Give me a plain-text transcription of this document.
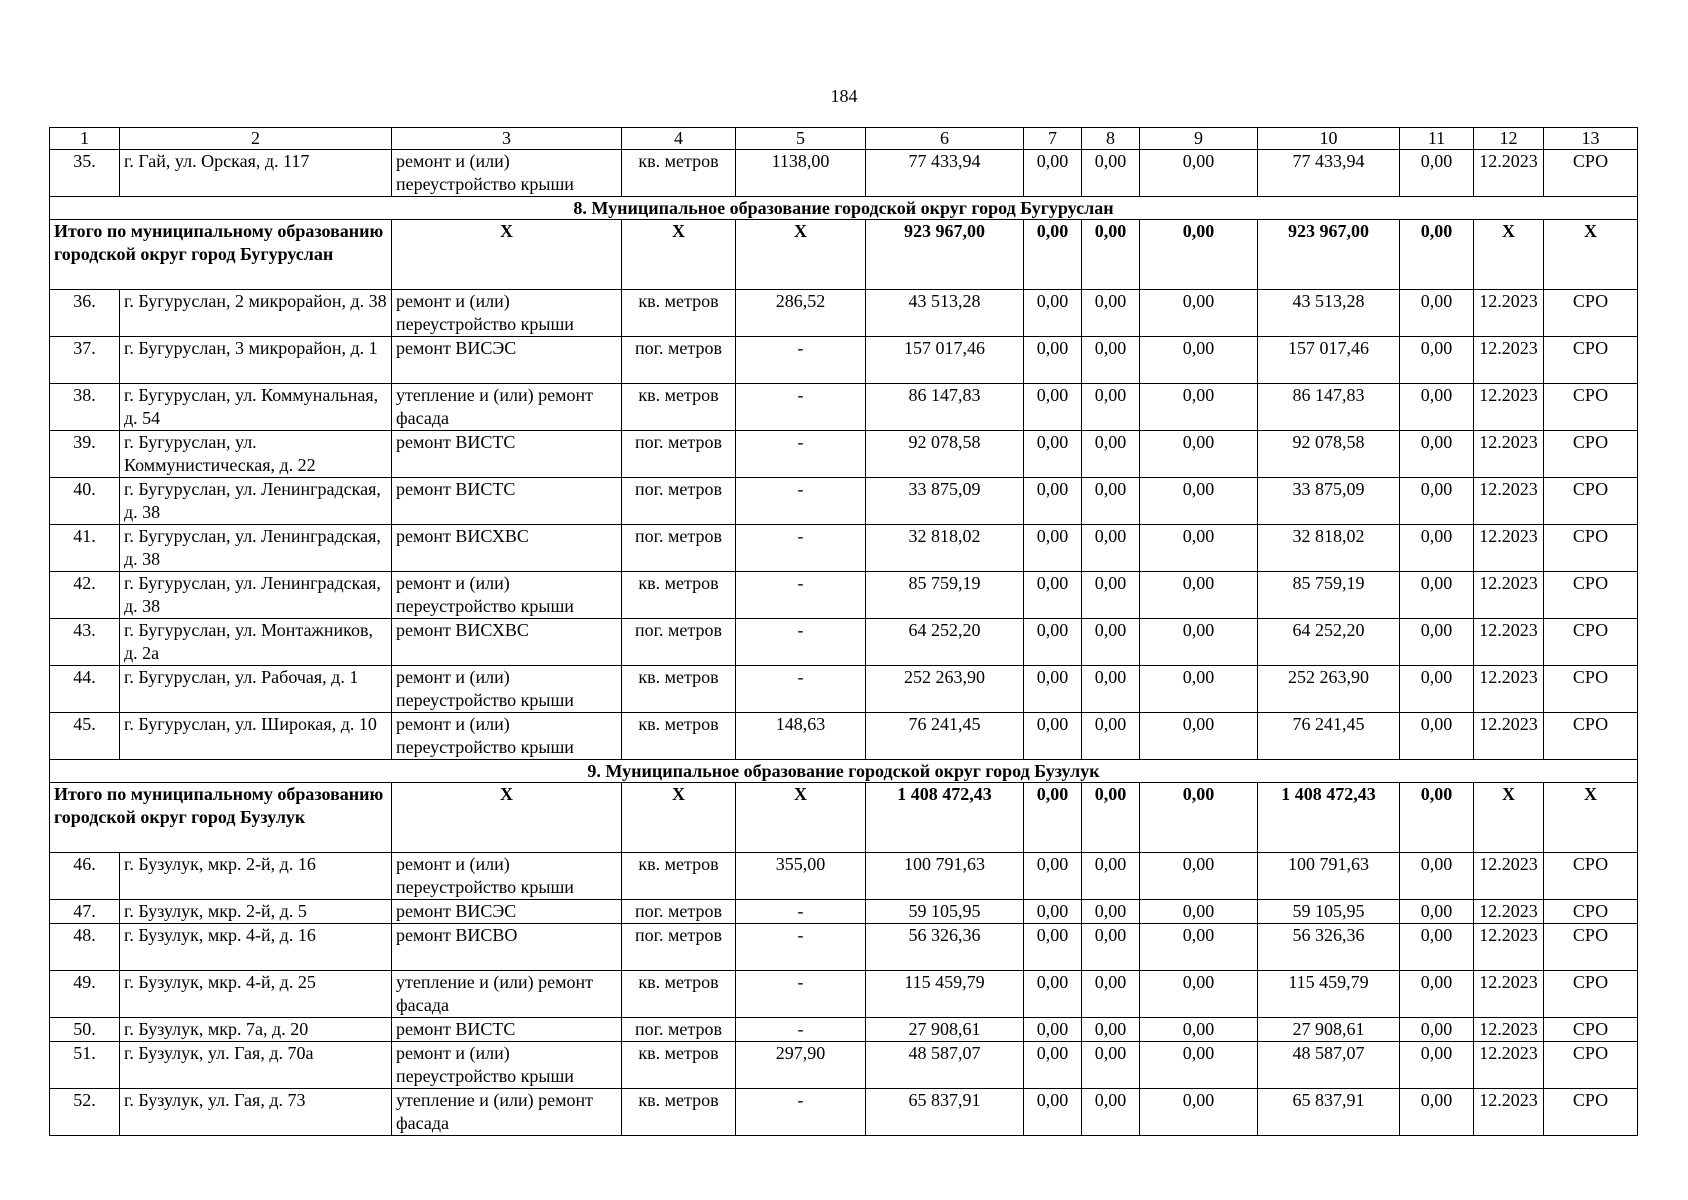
184
1	2	3	4	5	6	7	8	9	10	11	12	13
35.	г. Гай, ул. Орская, д. 117	ремонт и (или) переустройство крыши	кв. метров	1138,00	77 433,94	0,00	0,00	0,00	77 433,94	0,00	12.2023	СРО
8. Муниципальное образование городской округ город Бугуруслан												
Итого по муниципальному образованию городской округ город Бугуруслан		X	X	X	923 967,00	0,00	0,00	0,00	923 967,00	0,00	X	X
36.	г. Бугуруслан, 2 микрорайон, д. 38	ремонт и (или) переустройство крыши	кв. метров	286,52	43 513,28	0,00	0,00	0,00	43 513,28	0,00	12.2023	СРО
37.	г. Бугуруслан, 3 микрорайон, д. 1	ремонт ВИСЭС	пог. метров	-	157 017,46	0,00	0,00	0,00	157 017,46	0,00	12.2023	СРО
38.	г. Бугуруслан, ул. Коммунальная, д. 54	утепление и (или) ремонт фасада	кв. метров	-	86 147,83	0,00	0,00	0,00	86 147,83	0,00	12.2023	СРО
39.	г. Бугуруслан, ул. Коммунистическая, д. 22	ремонт ВИСТС	пог. метров	-	92 078,58	0,00	0,00	0,00	92 078,58	0,00	12.2023	СРО
40.	г. Бугуруслан, ул. Ленинградская, д. 38	ремонт ВИСТС	пог. метров	-	33 875,09	0,00	0,00	0,00	33 875,09	0,00	12.2023	СРО
41.	г. Бугуруслан, ул. Ленинградская, д. 38	ремонт ВИСХВС	пог. метров	-	32 818,02	0,00	0,00	0,00	32 818,02	0,00	12.2023	СРО
42.	г. Бугуруслан, ул. Ленинградская, д. 38	ремонт и (или) переустройство крыши	кв. метров	-	85 759,19	0,00	0,00	0,00	85 759,19	0,00	12.2023	СРО
43.	г. Бугуруслан, ул. Монтажников, д. 2а	ремонт ВИСХВС	пог. метров	-	64 252,20	0,00	0,00	0,00	64 252,20	0,00	12.2023	СРО
44.	г. Бугуруслан, ул. Рабочая, д. 1	ремонт и (или) переустройство крыши	кв. метров	-	252 263,90	0,00	0,00	0,00	252 263,90	0,00	12.2023	СРО
45.	г. Бугуруслан, ул. Широкая, д. 10	ремонт и (или) переустройство крыши	кв. метров	148,63	76 241,45	0,00	0,00	0,00	76 241,45	0,00	12.2023	СРО
9. Муниципальное образование городской округ город Бузулук												
Итого по муниципальному образованию городской округ город Бузулук		X	X	X	1 408 472,43	0,00	0,00	0,00	1 408 472,43	0,00	X	X
46.	г. Бузулук, мкр. 2-й, д. 16	ремонт и (или) переустройство крыши	кв. метров	355,00	100 791,63	0,00	0,00	0,00	100 791,63	0,00	12.2023	СРО
47.	г. Бузулук, мкр. 2-й, д. 5	ремонт ВИСЭС	пог. метров	-	59 105,95	0,00	0,00	0,00	59 105,95	0,00	12.2023	СРО
48.	г. Бузулук, мкр. 4-й, д. 16	ремонт ВИСВО	пог. метров	-	56 326,36	0,00	0,00	0,00	56 326,36	0,00	12.2023	СРО
49.	г. Бузулук, мкр. 4-й, д. 25	утепление и (или) ремонт фасада	кв. метров	-	115 459,79	0,00	0,00	0,00	115 459,79	0,00	12.2023	СРО
50.	г. Бузулук, мкр. 7а, д. 20	ремонт ВИСТС	пог. метров	-	27 908,61	0,00	0,00	0,00	27 908,61	0,00	12.2023	СРО
51.	г. Бузулук, ул. Гая, д. 70а	ремонт и (или) переустройство крыши	кв. метров	297,90	48 587,07	0,00	0,00	0,00	48 587,07	0,00	12.2023	СРО
52.	г. Бузулук, ул. Гая, д. 73	утепление и (или) ремонт фасада	кв. метров	-	65 837,91	0,00	0,00	0,00	65 837,91	0,00	12.2023	СРО
